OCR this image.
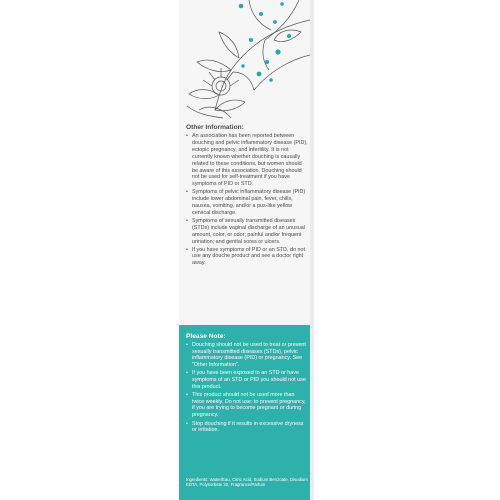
Other Information:
• An association has been reported between douching and pelvic inflammatory disease (PID), ectopic pregnancy, and infertility. It is not currently known whether douching is causally related to these conditions, but women should be aware of this association. Douching should not be used for self-treatment if you have symptoms of PID or STD.
• Symptoms of pelvic inflammatory disease (PID) include lower abdominal pain, fever, chills, nausea, vomiting, and/or a pus-like yellow cervical discharge.
• Symptoms of sexually transmitted diseases (STDs) include vaginal discharge of an unusual amount, color, or odor; painful and/or frequent urination; and genital sores or ulcers.
• If you have symptoms of PID or an STD, do not use any douche product and see a doctor right away.
Please Note:
• Douching should not be used to treat or prevent sexually transmitted diseases (STDs), pelvic inflammatory disease (PID) or pregnancy. See "Other Information".
• If you have been exposed to an STD or have symptoms of an STD or PID you should not use this product.
• This product should not be used more than twice weekly. Do not use: to prevent pregnancy, if you are trying to become pregnant or during pregnancy.
• Stop douching if it results in excessive dryness or irritation.
Ingredients: Water/Eau, Citric Acid, Sodium Benzoate, Disodium EDTA, Polysorbate 20, Fragrance/Parfum
